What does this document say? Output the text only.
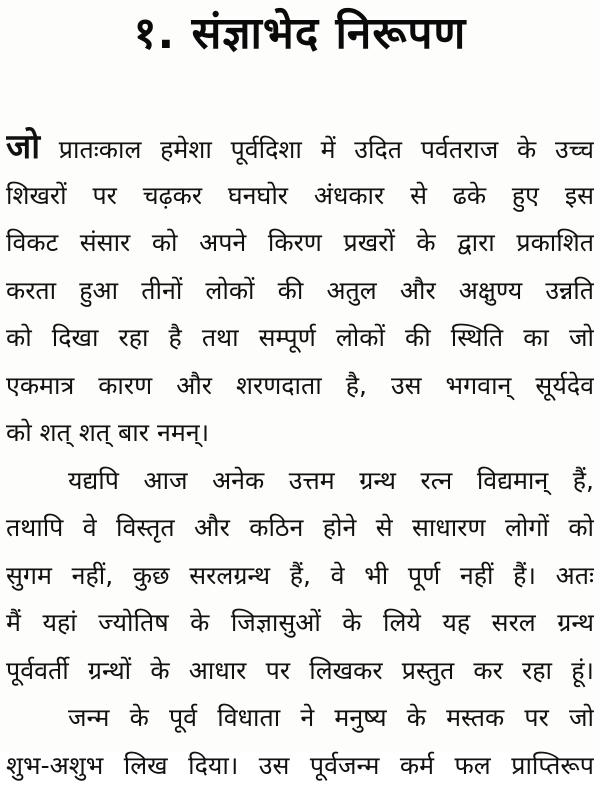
१. संज्ञाभेद निरूपण
जो प्रातःकाल हमेशा पूर्वदिशा में उदित पर्वतराज के उच्च
शिखरों पर चढ़कर घनघोर अंधकार से ढके हुए इस
विकट संसार को अपने किरण प्रखरों के द्वारा प्रकाशित
करता हुआ तीनों लोकों की अतुल और अक्षुण्य उन्नति
को दिखा रहा है तथा सम्पूर्ण लोकों की स्थिति का जो
एकमात्र कारण और शरणदाता है, उस भगवान् सूर्यदेव
को शत् शत् बार नमन्।
यद्यपि आज अनेक उत्तम ग्रन्थ रत्न विद्यमान् हैं,
तथापि वे विस्तृत और कठिन होने से साधारण लोगों को
सुगम नहीं, कुछ सरलग्रन्थ हैं, वे भी पूर्ण नहीं हैं। अतः
मैं यहां ज्योतिष के जिज्ञासुओं के लिये यह सरल ग्रन्थ
पूर्ववर्ती ग्रन्थों के आधार पर लिखकर प्रस्तुत कर रहा हूं।
जन्म के पूर्व विधाता ने मनुष्य के मस्तक पर जो
शुभ-अशुभ लिख दिया। उस पूर्वजन्म कर्म फल प्राप्तिरूप
